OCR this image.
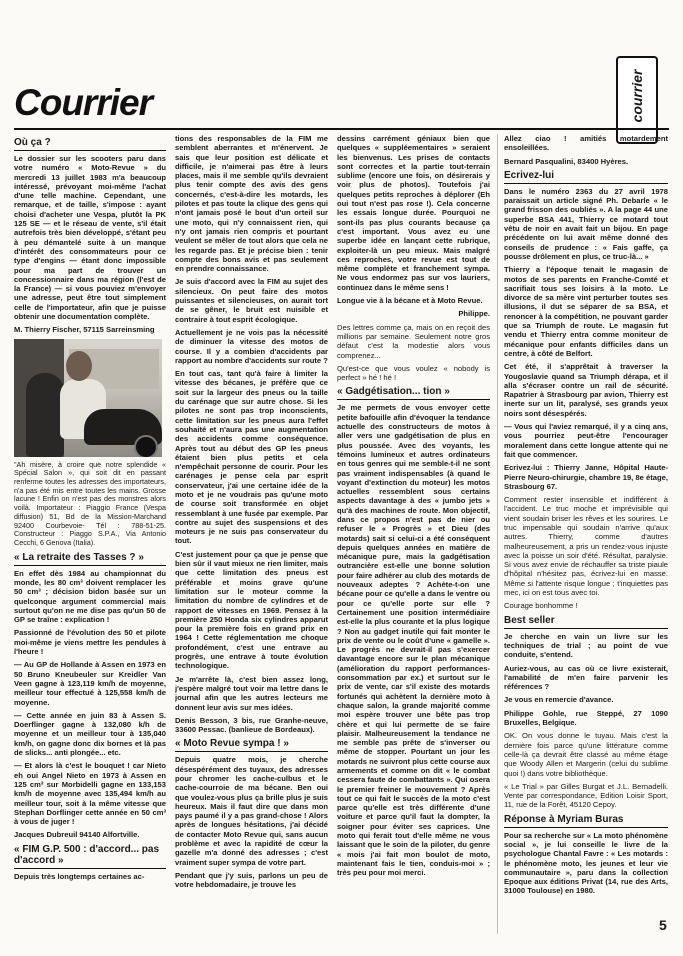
Courrier	courrier
Où ça ?

Le dossier sur les scooters paru dans votre numéro « Moto-Revue » du mercredi 13 juillet 1983 m'a beaucoup intéressé, prévoyant moi-même l'achat d'une telle machine. Cependant, une remarque, et de taille, s'impose : ayant choisi d'acheter une Vespa, plutôt la PK 125 SE — et le réseau de vente, s'il était autrefois très bien développé, s'étant peu à peu démantelé suite à un manque d'intérêt des consommateurs pour ce type d'engins — étant donc impossible pour ma part de trouver un concessionnaire dans ma région (l'est de la France) — si vous pouviez m'envoyer une adresse, peut être tout simplement celle de l'importateur, afin que je puisse obtenir une documentation complète.

M. Thierry Fischer, 57115 Sarreinsming

"Ah misère, à croire que notre splendide « Spécial Salon », qui soit dit en passant renferme toutes les adresses des importateurs, n'a pas été mis entre toutes les mains. Grosse lacune ! Enfin on n'est pas des monstres alors voilà. Importateur : Piaggio France (Vespa diffusion) 51, Bd de la Mission-Marchand 92400 Courbevoie- Tél : 788-51-25. Constructeur : Piaggo S.P.A., Via Antonio Cecchi, 6 Genova (Italia).

« La retraite des Tasses ? »

En effet dès 1984 au championnat du monde, les 80 cm³ doivent remplacer les 50 cm³ ; décision bidon basée sur un quelconque argument commercial mais surtout qu'on ne me dise pas qu'un 50 de GP se traîne : explication !

Passionné de l'évolution des 50 et pilote moi-même je viens mettre les pendules à l'heure !

— Au GP de Hollande à Assen en 1973 en 50 Bruno Kneubeuler sur Kreidler Van Veen gagne à 123,119 km/h de moyenne, meilleur tour effectué à 125,558 km/h de moyenne.

— Cette année en juin 83 à Assen S. Doerflinger gagne à 132,080 k/h de moyenne et un meilleur tour à 135,040 km/h, on gagne donc dix bornes et là pas de slicks... anti plongée... etc.

— Et alors là c'est le bouquet ! car Nieto eh oui Angel Nieto en 1973 à Assen en 125 cm³ sur Morbidelli gagne en 133,153 km/h de moyenne avec 135,494 km/h au meilleur tour, soit à la même vitesse que Stephan Dorflinger cette année en 50 cm³ à vous de juger !

Jacques Dubreuil 94140 Alfortville.

« FIM G.P. 500 : d'accord... pas d'accord »

Depuis très longtemps certaines ac-

tions des responsables de la FIM me semblent aberrantes et m'énervent. Je sais que leur position est délicate et difficile, je n'aimerai pas être à leurs places, mais il me semble qu'ils devraient plus tenir compte des avis des gens concernés, c'est-à-dire les motards, les pilotes et pas toute la clique des gens qui n'ont jamais posé le bout d'un orteil sur une moto, qui n'y connaissent rien, qui n'y ont jamais rien compris et pourtant veulent se mêler de tout alors que cela ne les regarde pas. Et je précise bien : tenir compte des bons avis et pas seulement en prendre connaissance.

Je suis d'accord avec la FIM au sujet des silencieux. On peut faire des motos puissantes et silencieuses, on aurait tort de se gêner, le bruit est nuisible et contraire à tout esprit écologique.

Actuellement je ne vois pas la nécessité de diminuer la vitesse des motos de course. Il y a combien d'accidents par rapport au nombre d'accidents sur route ?

En tout cas, tant qu'à faire à limiter la vitesse des bécanes, je préfère que ce soit sur la largeur des pneus ou la taille du carénage que sur autre chose. Si les pilotes ne sont pas trop inconscients, cette limitation sur les pneus aura l'effet souhaité et n'aura pas une augmentation des accidents comme conséquence. Après tout au début des GP les pneus étaient bien plus petits et cela n'empêchait personne de courir. Pour les carénages je pense cela par esprit conservateur, j'ai une certaine idée de la moto et je ne voudrais pas qu'une moto de course soit transformée en objet ressemblant à une fusée par exemple. Par contre au sujet des suspensions et des moteurs je ne suis pas conservateur du tout.

C'est justement pour ça que je pense que bien sûr il vaut mieux ne rien limiter, mais que cette limitation des pneus est préférable et moins grave qu'une limitation sur le moteur comme la limitation du nombre de cylindres et de rapport de vitesses en 1969. Pensez à la première 250 Honda six cylindres apparut pour la première fois en grand prix en 1964 ! Cette réglementation me choque profondément, c'est une entrave au progrès, une entrave à toute évolution technologique.

Je m'arrête là, c'est bien assez long, j'espère malgré tout voir ma lettre dans le journal afin que les autres lecteurs me donnent leur avis sur mes idées.

Denis Besson, 3 bis, rue Granhe-neuve, 33600 Pessac. (banlieue de Bordeaux).

« Moto Revue sympa ! »

Depuis quatre mois, je cherche désespérément des tuyaux, des adresses pour chromer les cache-culbus et le cache-courroie de ma bécane. Ben oui que voulez-vous plus ça brille plus je suis heureux. Mais il faut dire que dans mon pays paumé il y a pas grand-chose ! Alors après de longues hésitations, j'ai décidé de contacter Moto Revue qui, sans aucun problème et avec la rapidité de cœur la gazelle m'a donné des adresses ; c'est vraiment super sympa de votre part.

Pendant que j'y suis, parlons un peu de votre hebdomadaire, je trouve les

dessins carrément géniaux bien que quelques « suppléementaires » seraient les bienvenus. Les prises de contacts sont correctes et la partie tout-terrain sublime (encore une fois, on désirerais y voir plus de photos). Toutefois j'ai quelques petits reproches à déplorer (Eh oui tout n'est pas rose !). Cela concerne les essais longue durée. Pourquoi ne sont-ils pas plus courants because ça c'est important. Vous avez eu une superbe idée en lançant cette rubrique, exploiter-là un peu mieux. Mais malgré ces reproches, votre revue est tout de même complète et franchement sympa. Ne vous endormez pas sur vos lauriers, continuez dans le même sens !

Longue vie à la bécane et à Moto Revue.

Philippe.

Des lettres comme ça, mais on en reçoit des millions par semaine. Seulement notre gros défaut c'est la modestie alors vous comprenez...

Qu'est-ce que vous voulez « nobody is perfect » hé ! hé !

« Gadgétisation... tion »

Je me permets de vous envoyer cette petite bafouille afin d'évoquer la tendance actuelle des constructeurs de motos à aller vers une gadgétisation de plus en plus poussée. Avec des voyants, les témoins lumineux et autres ordinateurs en tous genres qui me semble-t-il ne sont pas vraiment indispensables (à quand le voyant d'extinction du moteur) les motos actuelles ressemblent sous certains aspects davantage à des « jumbo jets » qu'à des machines de route. Mon objectif, dans ce propos n'est pas de nier ou refuser le « Progrès » et Dieu (des motards) sait si celui-ci a été conséquent depuis quelques années en matière de mécanique pure, mais la gadgétisation outrancière est-elle une bonne solution pour faire adhérer au club des motards de nouveaux adeptes ? Achète-t-on une bécane pour ce qu'elle a dans le ventre ou pour ce qu'elle porte sur elle ? Certainement une position intermédiaire est-elle la plus courante et la plus logique ? Non au gadget inutile qui fait monter le prix de vente ou le coût d'une « gamelle ». Le progrès ne devrait-il pas s'exercer davantage encore sur le plan mécanique (amélioration du rapport performances-consommation par ex.) et surtout sur le prix de vente, car s'il existe des motards fortunés qui achètent la dernière moto à chaque salon, la grande majorité comme moi espère trouver une bête pas trop chère et qui lui permette de se faire plaisir. Malheureusement la tendance ne me semble pas prête de s'inverser ou même de stopper. Pourtant un jour les motards ne suivront plus cette course aux armements et comme on dit « le combat cessera faute de combattants ». Qui osera le premier freiner le mouvement ? Après tout ce qui fait le succès de la moto c'est parce qu'elle est très différente d'une voiture et parce qu'il faut la dompter, la soigner pour éviter ses caprices. Une moto qui ferait tout d'elle même ne vous laissant que le soin de la piloter, du genre « mois j'ai fait mon boulot de moto, maintenant fais le tien, conduis-moi » ; très peu pour moi merci.

Allez ciao ! amitiés motardement ensoleillées.

Bernard Pasqualini, 83400 Hyères.

Ecrivez-lui

Dans le numéro 2363 du 27 avril 1978 paraissait un article signé Ph. Debarle « le grand frisson des oubliés ». A la page 44 une superbe BSA 441, Thierry ce motard tout vêtu de noir en avait fait un bijou. En page précédente on lui avait même donné des conseils de prudence : « Fais gaffe, ça pousse drôlement en plus, ce truc-là... »

Thierry a l'époque tenait le magasin de motos de ses parents en Franche-Comté et sacrifiait tous ses loisirs à la moto. Le divorce de sa mère vint perturber toutes ses illusions, il dut se séparer de sa BSA, et renoncer à la compétition, ne pouvant garder que sa Triumph de route. Le magasin fut vendu et Thierry entra comme moniteur de mécanique pour enfants difficiles dans un centre, à côté de Belfort.

Cet été, il s'apprêtait à traverser la Yougoslavie quand sa Triumph dérapa, et il alla s'écraser contre un rail de sécurité. Rapatrier à Strasbourg par avion, Thierry est inerte sur un lit, paralysé, ses grands yeux noirs sont désespérés.

— Vous qui l'aviez remarqué, il y a cinq ans, vous pourriez peut-être l'encourager moralement dans cette longue attente qui ne fait que commencer.

Ecrivez-lui : Thierry Janne, Hôpital Haute-Pierre Neuro-chirurgie, chambre 19, 8e étage, Strasbourg 67.

Comment rester insensible et indifférent à l'accident. Le truc moche et imprévisible qui vient soudain briser les rêves et les sourires. Le truc impensable qui soudain n'arrive qu'aux autres. Thierry, comme d'autres malheureusement, a pris un rendez-vous injuste avec la poisse un soir d'été. Résultat, paralysie. Si vous avez envie de réchauffer sa triste piaule d'hôpital n'hésitez pas, écrivez-lui en masse. Même si l'attente risque longue ; t'inquiettes pas mec, ici on est tous avec toi.

Courage bonhomme !

Best seller

Je cherche en vain un livre sur les techniques de trial ; au point de vue conduite, s'entend.

Auriez-vous, au cas où ce livre existerait, l'amabilité de m'en faire parvenir les références ?

Je vous en remercie d'avance.

Philippe Gohle, rue Steppé, 27 1090 Bruxelles, Belgique.

OK. On vous donne le tuyau. Mais c'est la dernière fois parce qu'une littérature comme celle-là ça devrait être classé au même étage que Woody Allen et Margerin (celui du sublime quoi !) dans votre bibliothèque.

« Le Trial » par Gilles Burgat et J.L. Bernadelli. Vente par correspondance, Edition Loisir Sport, 11, rue de la Forêt, 45120 Cepoy.

Réponse à Myriam Buras

Pour sa recherche sur « La moto phénomène social », je lui conseille le livre de la psychologue Chantal Favre : « Les motards : le phénomène moto, les jeunes et leur vie communautaire », paru dans la collection Epoque aux éditions Privat (14, rue des Arts, 31000 Toulouse) en 1980.

5
